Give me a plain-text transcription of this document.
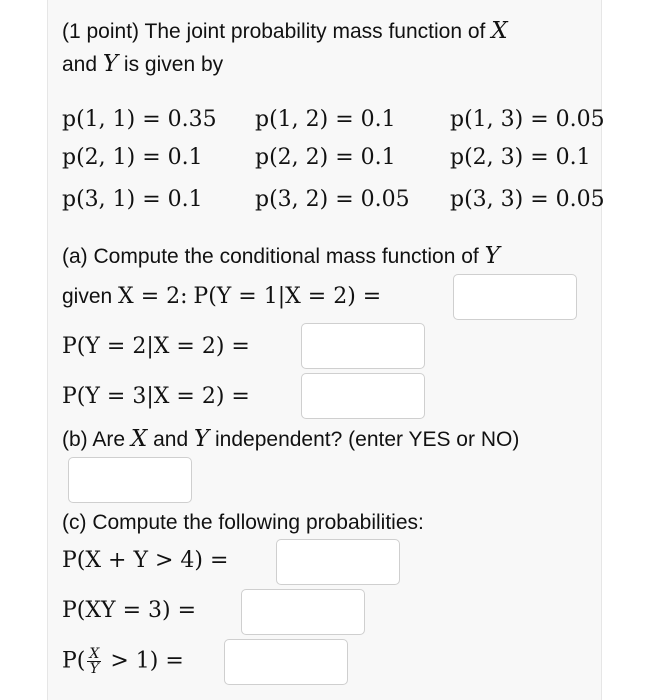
(1 point) The joint probability mass function of X
and Y is given by
p(1, 1) = 0.35 p(1, 2) = 0.1 p(1, 3) = 0.05
p(2, 1) = 0.1 p(2, 2) = 0.1 p(2, 3) = 0.1
p(3, 1) = 0.1 p(3, 2) = 0.05 p(3, 3) = 0.05
(a) Compute the conditional mass function of Y
given X = 2: P(Y = 1|X = 2) =
P(Y = 2|X = 2) =
P(Y = 3|X = 2) =
(b) Are X and Y independent? (enter YES or NO)
(c) Compute the following probabilities:
P(X + Y > 4) =
P(XY = 3) =
$P( \frac{X}{Y} > 1)$ =
